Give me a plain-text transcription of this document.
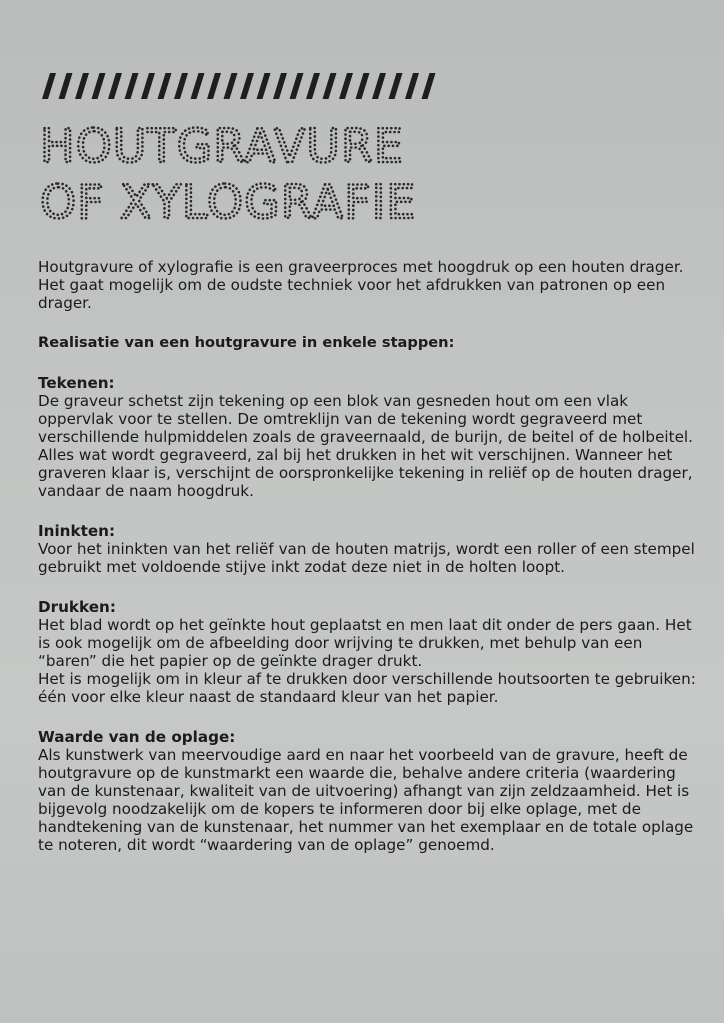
HOUTGRAVURE
OF XYLOGRAFIE

Houtgravure of xylografie is een graveerproces met hoogdruk op een houten drager. Het gaat mogelijk om de oudste techniek voor het afdrukken van patronen op een drager.

Realisatie van een houtgravure in enkele stappen:

Tekenen:

De graveur schetst zijn tekening op een blok van gesneden hout om een vlak oppervlak voor te stellen. De omtreklijn van de tekening wordt gegraveerd met verschillende hulpmiddelen zoals de graveernaald, de burijn, de beitel of de holbeitel. Alles wat wordt gegraveerd, zal bij het drukken in het wit verschijnen. Wanneer het graveren klaar is, verschijnt de oorspronkelijke tekening in reliëf op de houten drager, vandaar de naam hoogdruk.

Ininkten:

Voor het ininkten van het reliëf van de houten matrijs, wordt een roller of een stempel gebruikt met voldoende stijve inkt zodat deze niet in de holten loopt.

Drukken:

Het blad wordt op het geïnkte hout geplaatst en men laat dit onder de pers gaan. Het is ook mogelijk om de afbeelding door wrijving te drukken, met behulp van een “baren” die het papier op de geïnkte drager drukt.

Het is mogelijk om in kleur af te drukken door verschillende houtsoorten te gebruiken: één voor elke kleur naast de standaard kleur van het papier.

Waarde van de oplage:

Als kunstwerk van meervoudige aard en naar het voorbeeld van de gravure, heeft de houtgravure op de kunstmarkt een waarde die, behalve andere criteria (waardering van de kunstenaar, kwaliteit van de uitvoering) afhangt van zijn zeldzaamheid. Het is bijgevolg noodzakelijk om de kopers te informeren door bij elke oplage, met de handtekening van de kunstenaar, het nummer van het exemplaar en de totale oplage te noteren, dit wordt “waardering van de oplage” genoemd.
